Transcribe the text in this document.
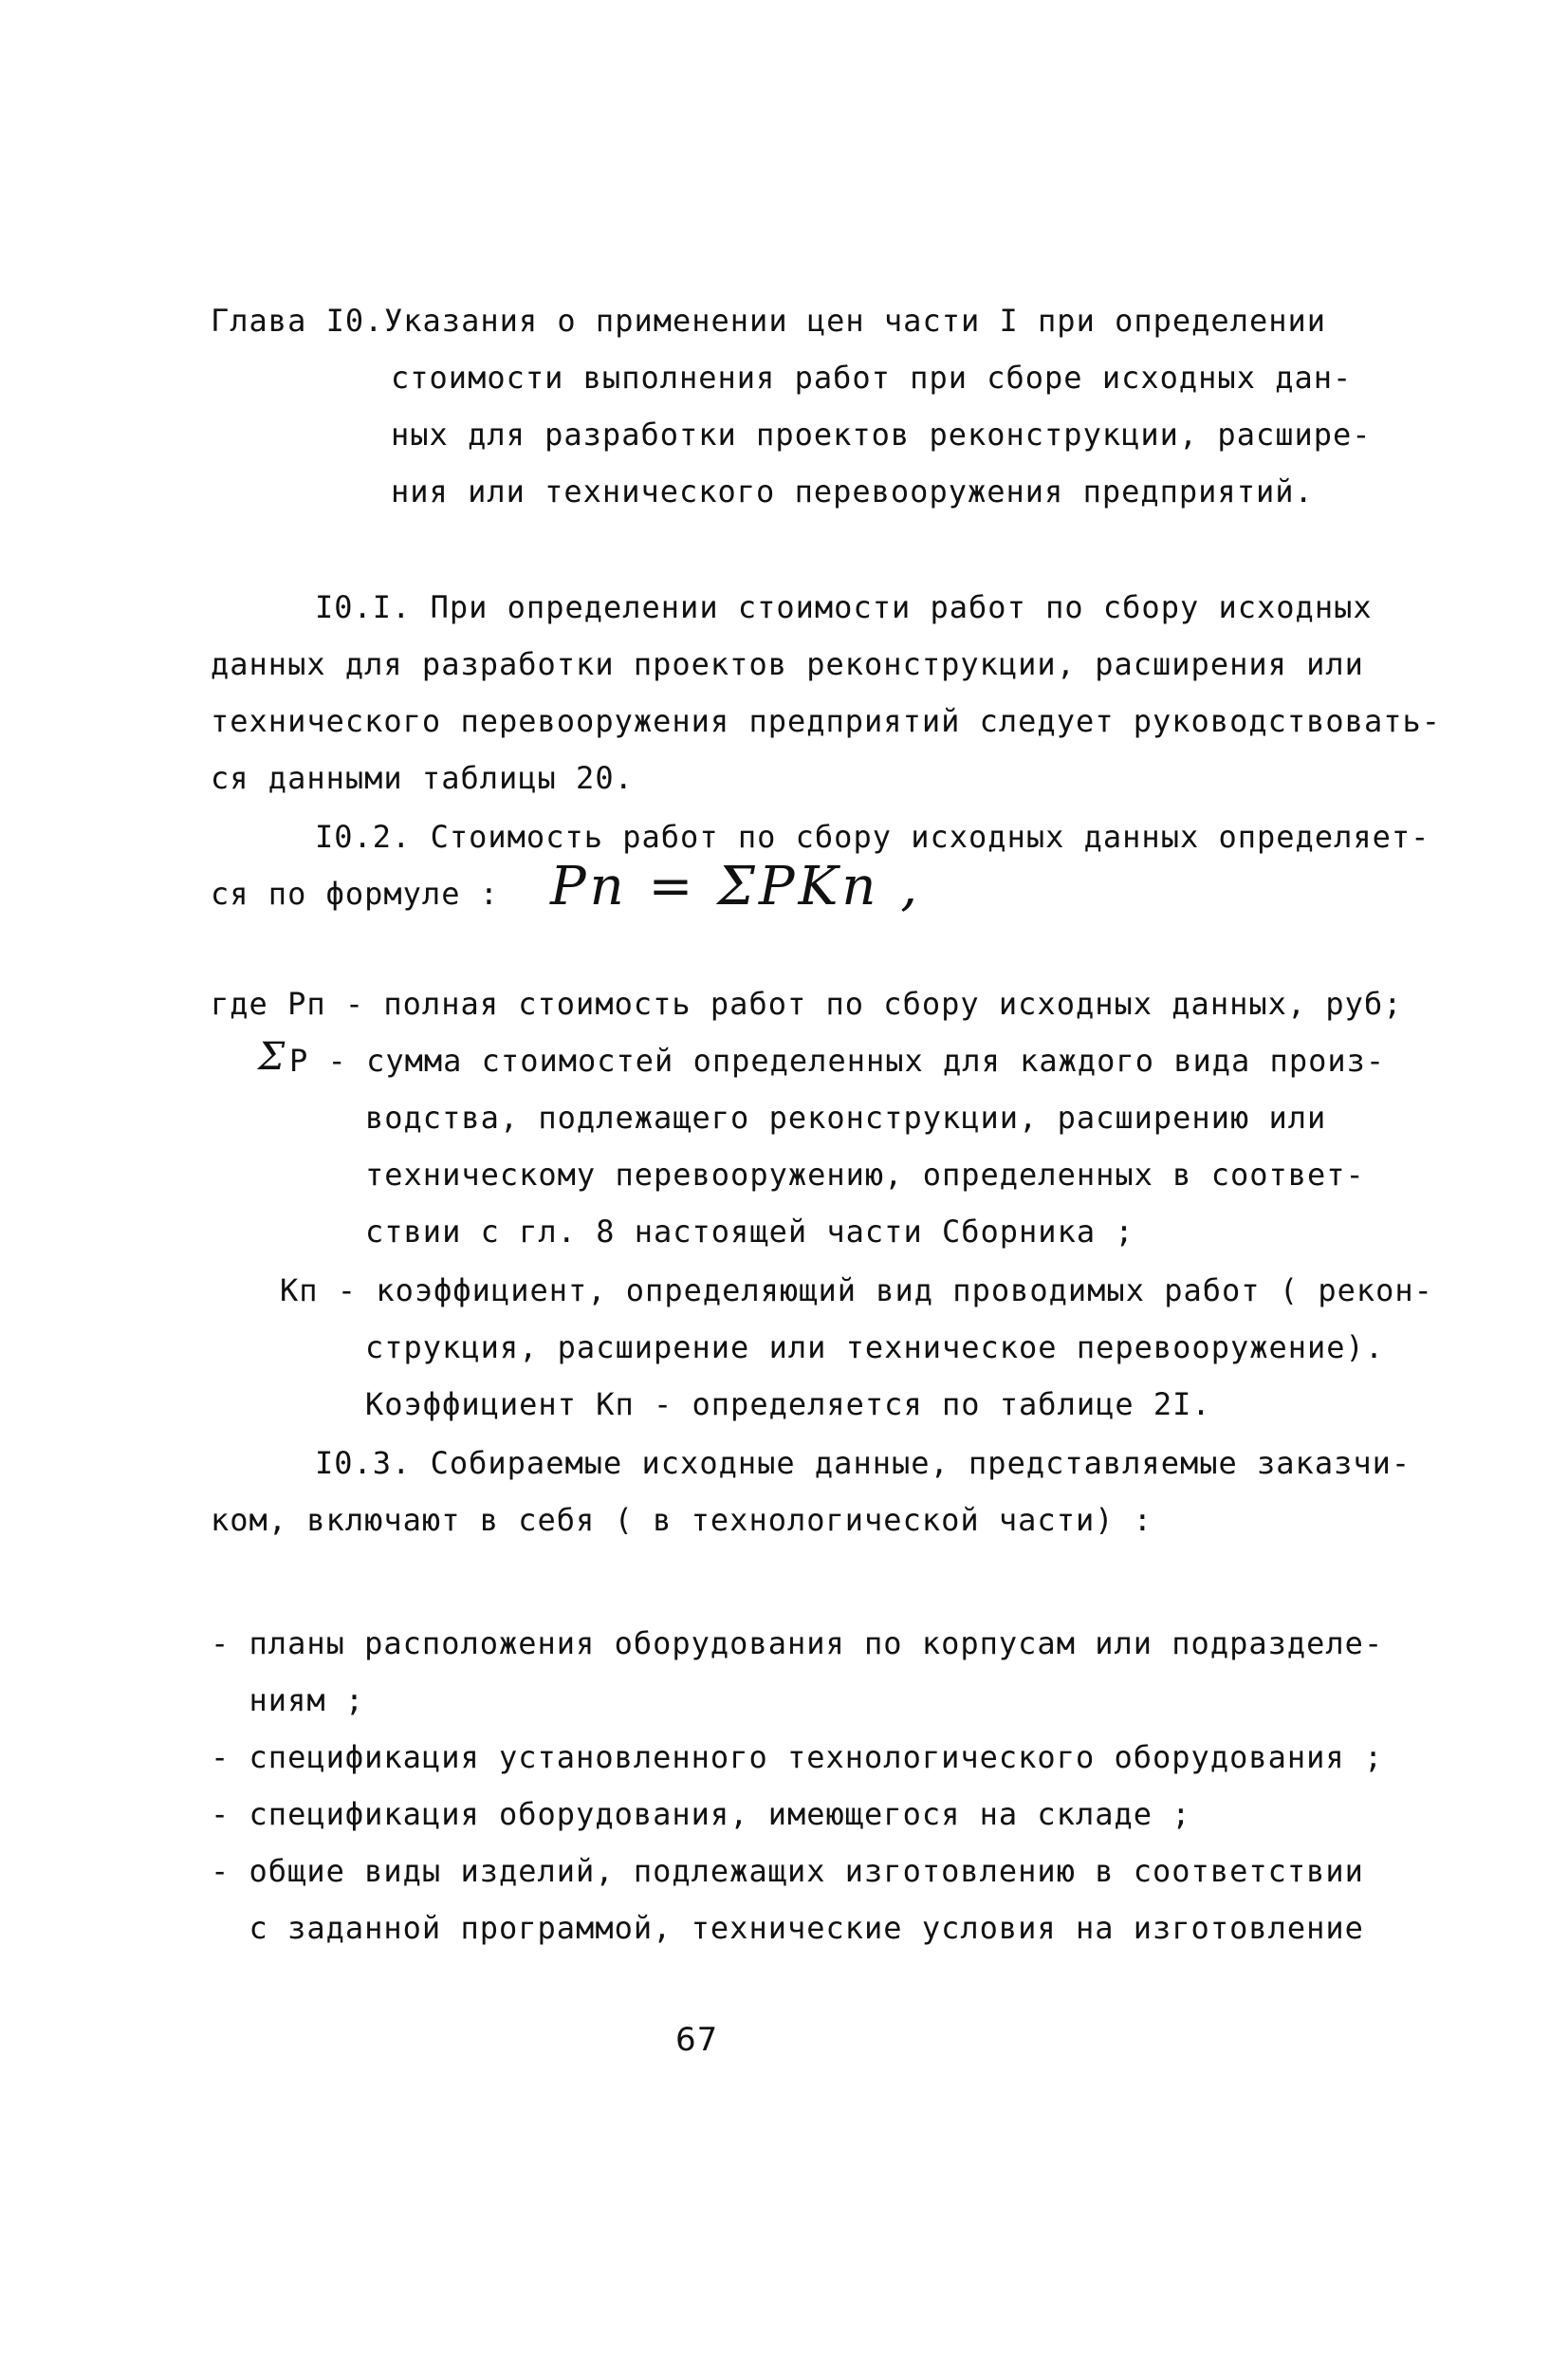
Глава I0. Указания о применении цен части I при определении
стоимости выполнения работ при сборе исходных дан-
ных для разработки проектов реконструкции, расшире-
ния или технического перевооружения предприятий.
I0.I. При определении стоимости работ по сбору исходных
данных для разработки проектов реконструкции, расширения или
технического перевооружения предприятий следует руководствовать-
ся данными таблицы 20.
I0.2. Стоимость работ по сбору исходных данных определяет-
ся по формуле : Pп = ΣPKп ,
где Рп - полная стоимость работ по сбору исходных данных, руб;
Σ P - сумма стоимостей определенных для каждого вида произ-
водства, подлежащего реконструкции, расширению или
техническому перевооружению, определенных в соответ-
ствии с гл. 8 настоящей части Сборника ;
Кп - коэффициент, определяющий вид проводимых работ ( рекон-
струкция, расширение или техническое перевооружение).
Коэффициент Кп - определяется по таблице 2I.
I0.3. Собираемые исходные данные, представляемые заказчи-
ком, включают в себя ( в технологической части) :
- планы расположения оборудования по корпусам или подразделе-
ниям ;
- спецификация установленного технологического оборудования ;
- спецификация оборудования, имеющегося на складе ;
- общие виды изделий, подлежащих изготовлению в соответствии
с заданной программой, технические условия на изготовление
67
